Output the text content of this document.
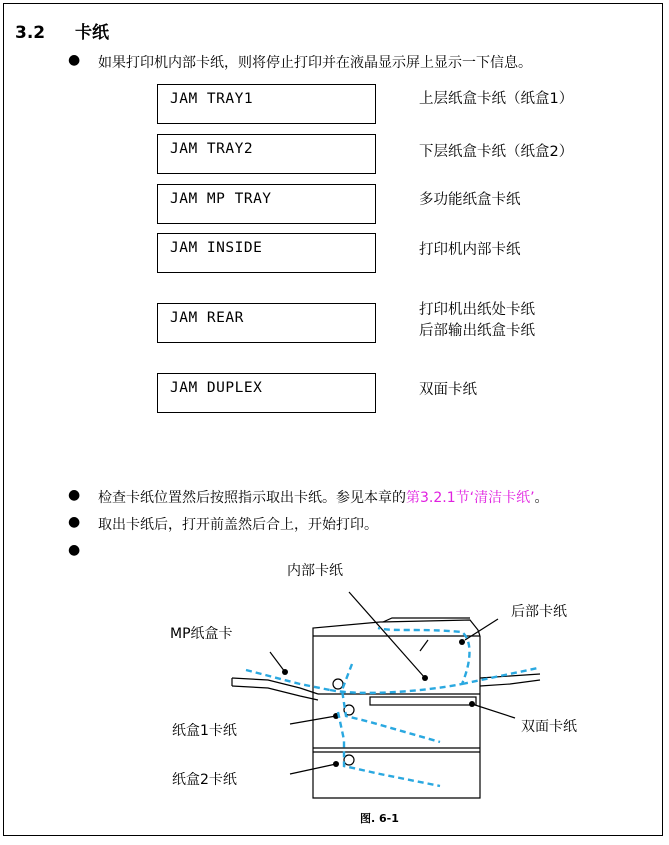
3.2 卡纸
● 如果打印机内部卡纸，则将停止打印并在液晶显示屏上显示一下信息。
JAM TRAY1	上层纸盒卡纸（纸盒1）
JAM TRAY2	下层纸盒卡纸（纸盒2）
JAM MP TRAY	多功能纸盒卡纸
JAM INSIDE	打印机内部卡纸
JAM REAR	打印机出纸处卡纸
后部输出纸盒卡纸
JAM DUPLEX	双面卡纸
● 检查卡纸位置然后按照指示取出卡纸。参见本章的第3.2.1节‘清洁卡纸’。
● 取出卡纸后，打开前盖然后合上，开始打印。
●
内部卡纸
MP纸盒卡
后部卡纸
纸盒1卡纸	双面卡纸
纸盒2卡纸
图. 6-1
